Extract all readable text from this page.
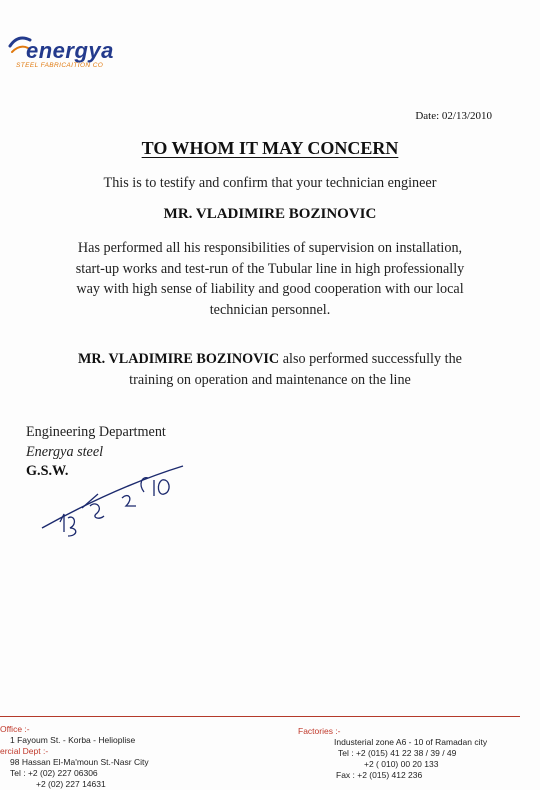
energya
STEEL FABRICAITION CO
Date: 02/13/2010
TO WHOM IT MAY CONCERN
This is to testify and confirm that your technician engineer
MR. VLADIMIRE BOZINOVIC
Has performed all his responsibilities of supervision on installation,
start-up works and test-run of the Tubular line in high professionally
way with high sense of liability and good cooperation with our local
technician personnel.
MR. VLADIMIRE BOZINOVIC also performed successfully the
training on operation and maintenance on the line
Engineering Department
Energya steel
G.S.W.
Office :-
1 Fayoum St. - Korba - Helioplise
ercial Dept :-
98 Hassan El-Ma'moun St.-Nasr City
Tel : +2 (02) 227 06306
+2 (02) 227 14631
Factories :-
Industerial zone A6 - 10 of Ramadan city
Tel : +2 (015) 41 22 38 / 39 / 49
+2 ( 010) 00 20 133
Fax : +2 (015) 412 236
